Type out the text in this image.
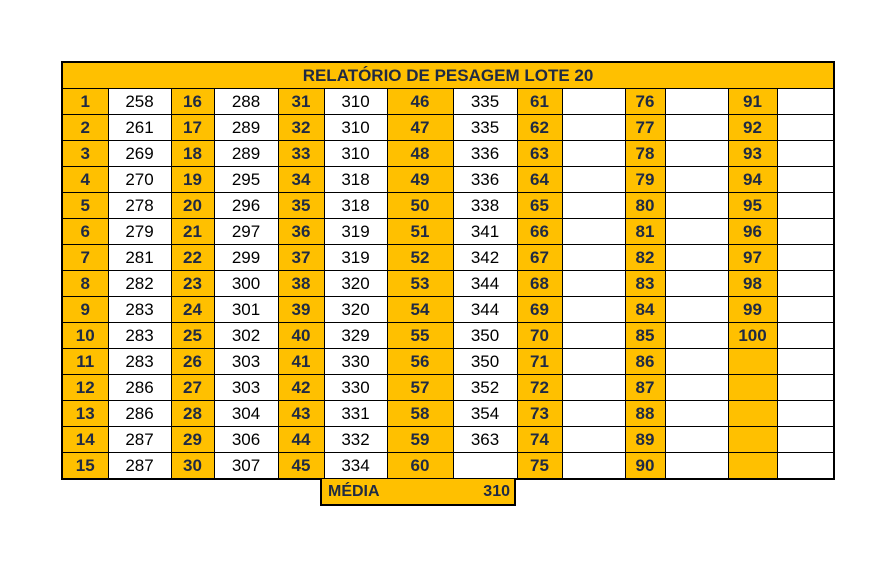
RELATÓRIO DE PESAGEM LOTE 20													
1	258	16	288	31	310	46	335	61		76		91	
2	261	17	289	32	310	47	335	62		77		92	
3	269	18	289	33	310	48	336	63		78		93	
4	270	19	295	34	318	49	336	64		79		94	
5	278	20	296	35	318	50	338	65		80		95	
6	279	21	297	36	319	51	341	66		81		96	
7	281	22	299	37	319	52	342	67		82		97	
8	282	23	300	38	320	53	344	68		83		98	
9	283	24	301	39	320	54	344	69		84		99	
10	283	25	302	40	329	55	350	70		85		100	
11	283	26	303	41	330	56	350	71		86			
12	286	27	303	42	330	57	352	72		87			
13	286	28	304	43	331	58	354	73		88			
14	287	29	306	44	332	59	363	74		89			
15	287	30	307	45	334	60		75		90			
MÉDIA	310
